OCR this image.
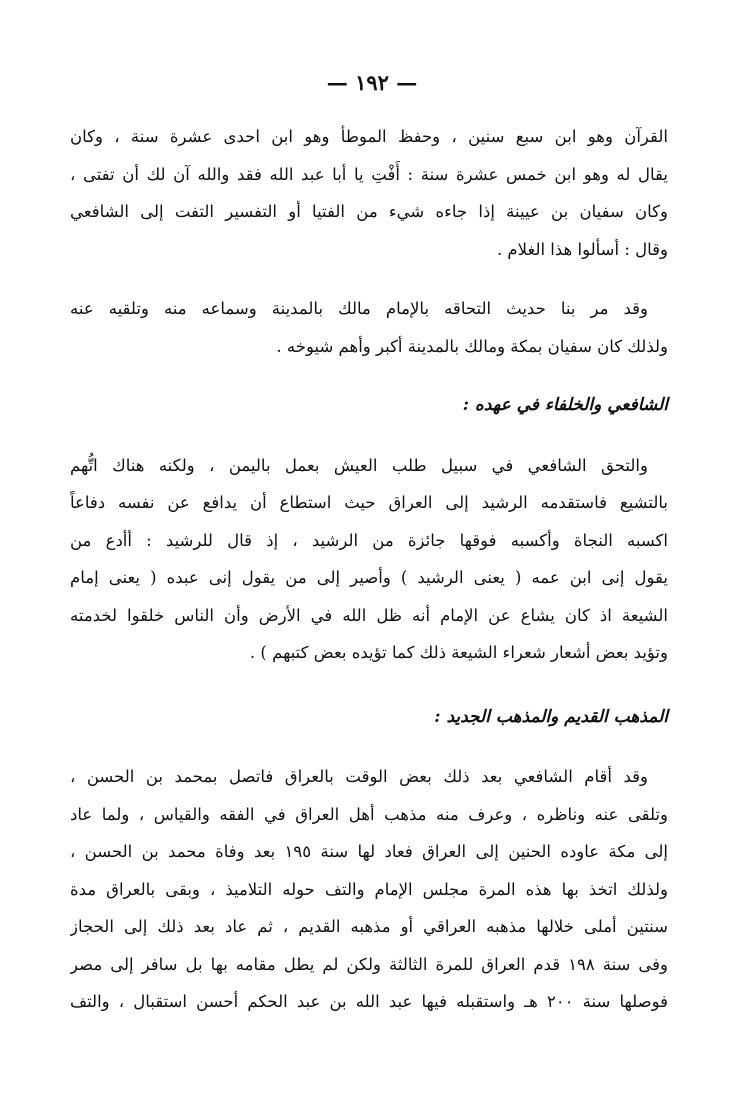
— ١٩٢ —

القرآن وهو ابن سبع سنين ، وحفظ الموطأ وهو ابن احدى عشرة سنة ، وكان

يقال له وهو ابن خمس عشرة سنة : أَفْتِ يا أبا عبد الله فقد والله آن لك أن تفتى ،

وكان سفيان بن عيينة إذا جاءه شيء من الفتيا أو التفسير التفت إلى الشافعي

وقال : أسألوا هذا الغلام .

وقد مر بنا حديث التحاقه بالإمام مالك بالمدينة وسماعه منه وتلقيه عنه

ولذلك كان سفيان بمكة ومالك بالمدينة أكبر وأهم شيوخه .

الشافعي والخلفاء في عهده :

والتحق الشافعي في سبيل طلب العيش بعمل باليمن ، ولكنه هناك اتُّهم

بالتشيع فاستقدمه الرشيد إلى العراق حيث استطاع أن يدافع عن نفسه دفاعاً

اكسبه النجاة وأكسبه فوقها جائزة من الرشيد ، إذ قال للرشيد : أأدع من

يقول إنى ابن عمه ( يعنى الرشيد ) وأصير إلى من يقول إنى عبده ( يعنى إمام

الشيعة اذ كان يشاع عن الإمام أنه ظل الله في الأرض وأن الناس خلقوا لخدمته

وتؤيد بعض أشعار شعراء الشيعة ذلك كما تؤيده بعض كتبهم ) .

المذهب القديم والمذهب الجديد :

وقد أقام الشافعي بعد ذلك بعض الوقت بالعراق فاتصل بمحمد بن الحسن ،

وتلقى عنه وناظره ، وعرف منه مذهب أهل العراق في الفقه والقياس ، ولما عاد

إلى مكة عاوده الحنين إلى العراق فعاد لها سنة ١٩٥ بعد وفاة محمد بن الحسن ،

ولذلك اتخذ بها هذه المرة مجلس الإمام والتف حوله التلاميذ ، وبقى بالعراق مدة

سنتين أملى خلالها مذهبه العراقي أو مذهبه القديم ، ثم عاد بعد ذلك إلى الحجاز

وفى سنة ١٩٨ قدم العراق للمرة الثالثة ولكن لم يطل مقامه بها بل سافر إلى مصر

فوصلها سنة ٢٠٠ هـ واستقبله فيها عبد الله بن عبد الحكم أحسن استقبال ، والتف
